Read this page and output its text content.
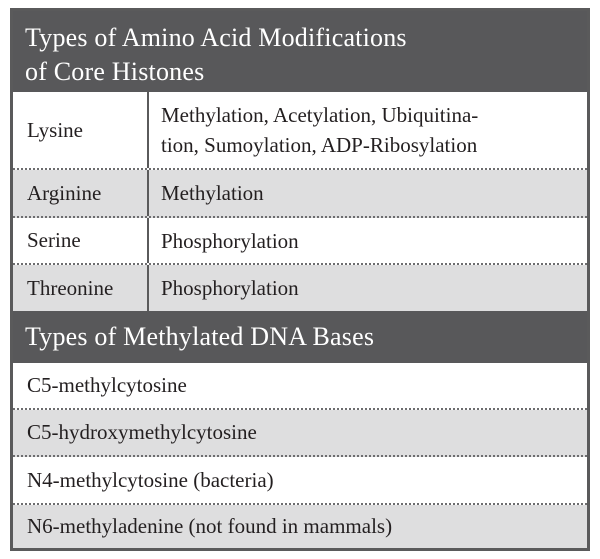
Types of Amino Acid Modifications
of Core Histones
Lysine
Methylation, Acetylation, Ubiquitina-
tion, Sumoylation, ADP-Ribosylation
Arginine	Methylation
Serine	Phosphorylation
Threonine Phosphorylation
Types of Methylated DNA Bases
C5-methylcytosine
C5-hydroxymethylcytosine
N4-methylcytosine (bacteria)
N6-methyladenine (not found in mammals)
